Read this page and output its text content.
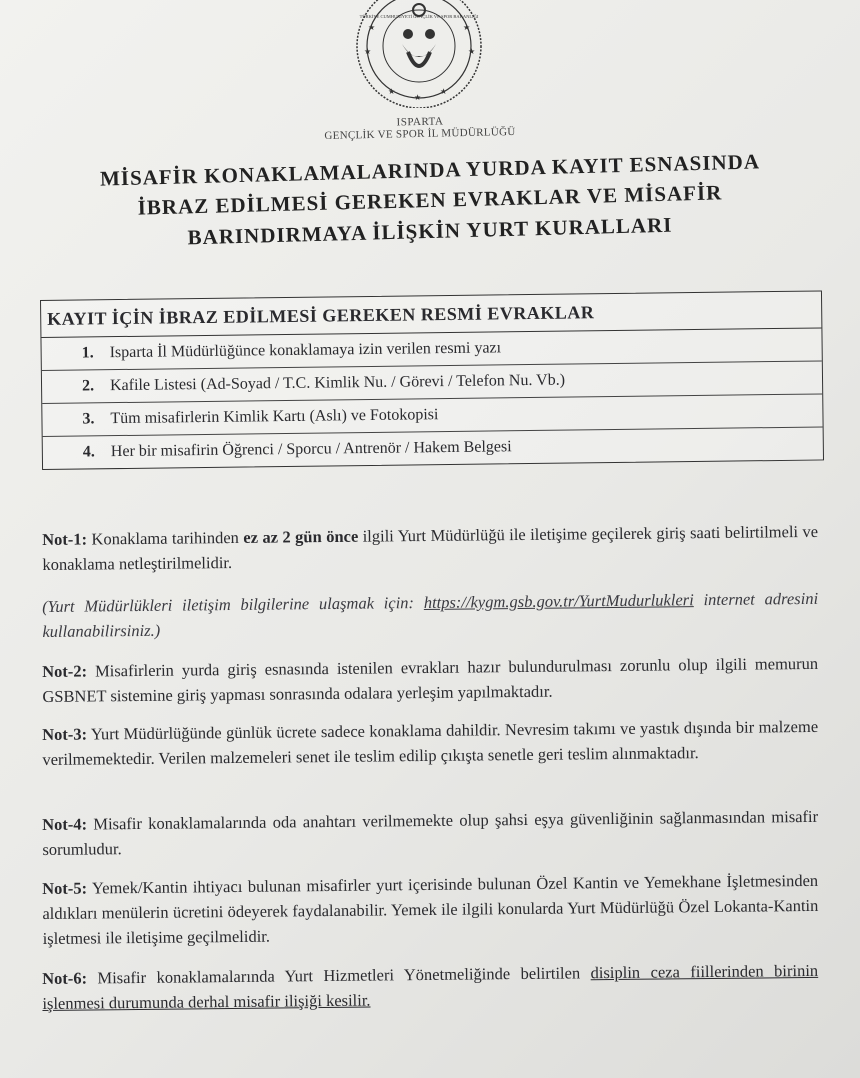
★	★
★	★
★
★
★
TÜRKİYE CUMHURİYETİ GENÇLİK VE SPOR BAKANLIĞI
ISPARTA
GENÇLİK VE SPOR İL MÜDÜRLÜĞÜ
MİSAFİR KONAKLAMALARINDA YURDA KAYIT ESNASINDA
İBRAZ EDİLMESİ GEREKEN EVRAKLAR VE MİSAFİR
BARINDIRMAYA İLİŞKİN YURT KURALLARI
KAYIT İÇİN İBRAZ EDİLMESİ GEREKEN RESMİ EVRAKLAR
1. Isparta İl Müdürlüğünce konaklamaya izin verilen resmi yazı
2. Kafile Listesi (Ad-Soyad / T.C. Kimlik Nu. / Görevi / Telefon Nu. Vb.)
3. Tüm misafirlerin Kimlik Kartı (Aslı) ve Fotokopisi
4. Her bir misafirin Öğrenci / Sporcu / Antrenör / Hakem Belgesi
Not-1: Konaklama tarihinden ez az 2 gün önce ilgili Yurt Müdürlüğü ile iletişime geçilerek giriş saati belirtilmeli ve konaklama netleştirilmelidir.
(Yurt Müdürlükleri iletişim bilgilerine ulaşmak için: https://kygm.gsb.gov.tr/YurtMudurlukleri internet adresini kullanabilirsiniz.)
Not-2: Misafirlerin yurda giriş esnasında istenilen evrakları hazır bulundurulması zorunlu olup ilgili memurun GSBNET sistemine giriş yapması sonrasında odalara yerleşim yapılmaktadır.
Not-3: Yurt Müdürlüğünde günlük ücrete sadece konaklama dahildir. Nevresim takımı ve yastık dışında bir malzeme verilmemektedir. Verilen malzemeleri senet ile teslim edilip çıkışta senetle geri teslim alınmaktadır.
Not-4: Misafir konaklamalarında oda anahtarı verilmemekte olup şahsi eşya güvenliğinin sağlanmasından misafir sorumludur.
Not-5: Yemek/Kantin ihtiyacı bulunan misafirler yurt içerisinde bulunan Özel Kantin ve Yemekhane İşletmesinden aldıkları menülerin ücretini ödeyerek faydalanabilir. Yemek ile ilgili konularda Yurt Müdürlüğü Özel Lokanta-Kantin işletmesi ile iletişime geçilmelidir.
Not-6: Misafir konaklamalarında Yurt Hizmetleri Yönetmeliğinde belirtilen disiplin ceza fiillerinden birinin işlenmesi durumunda derhal misafir ilişiği kesilir.
